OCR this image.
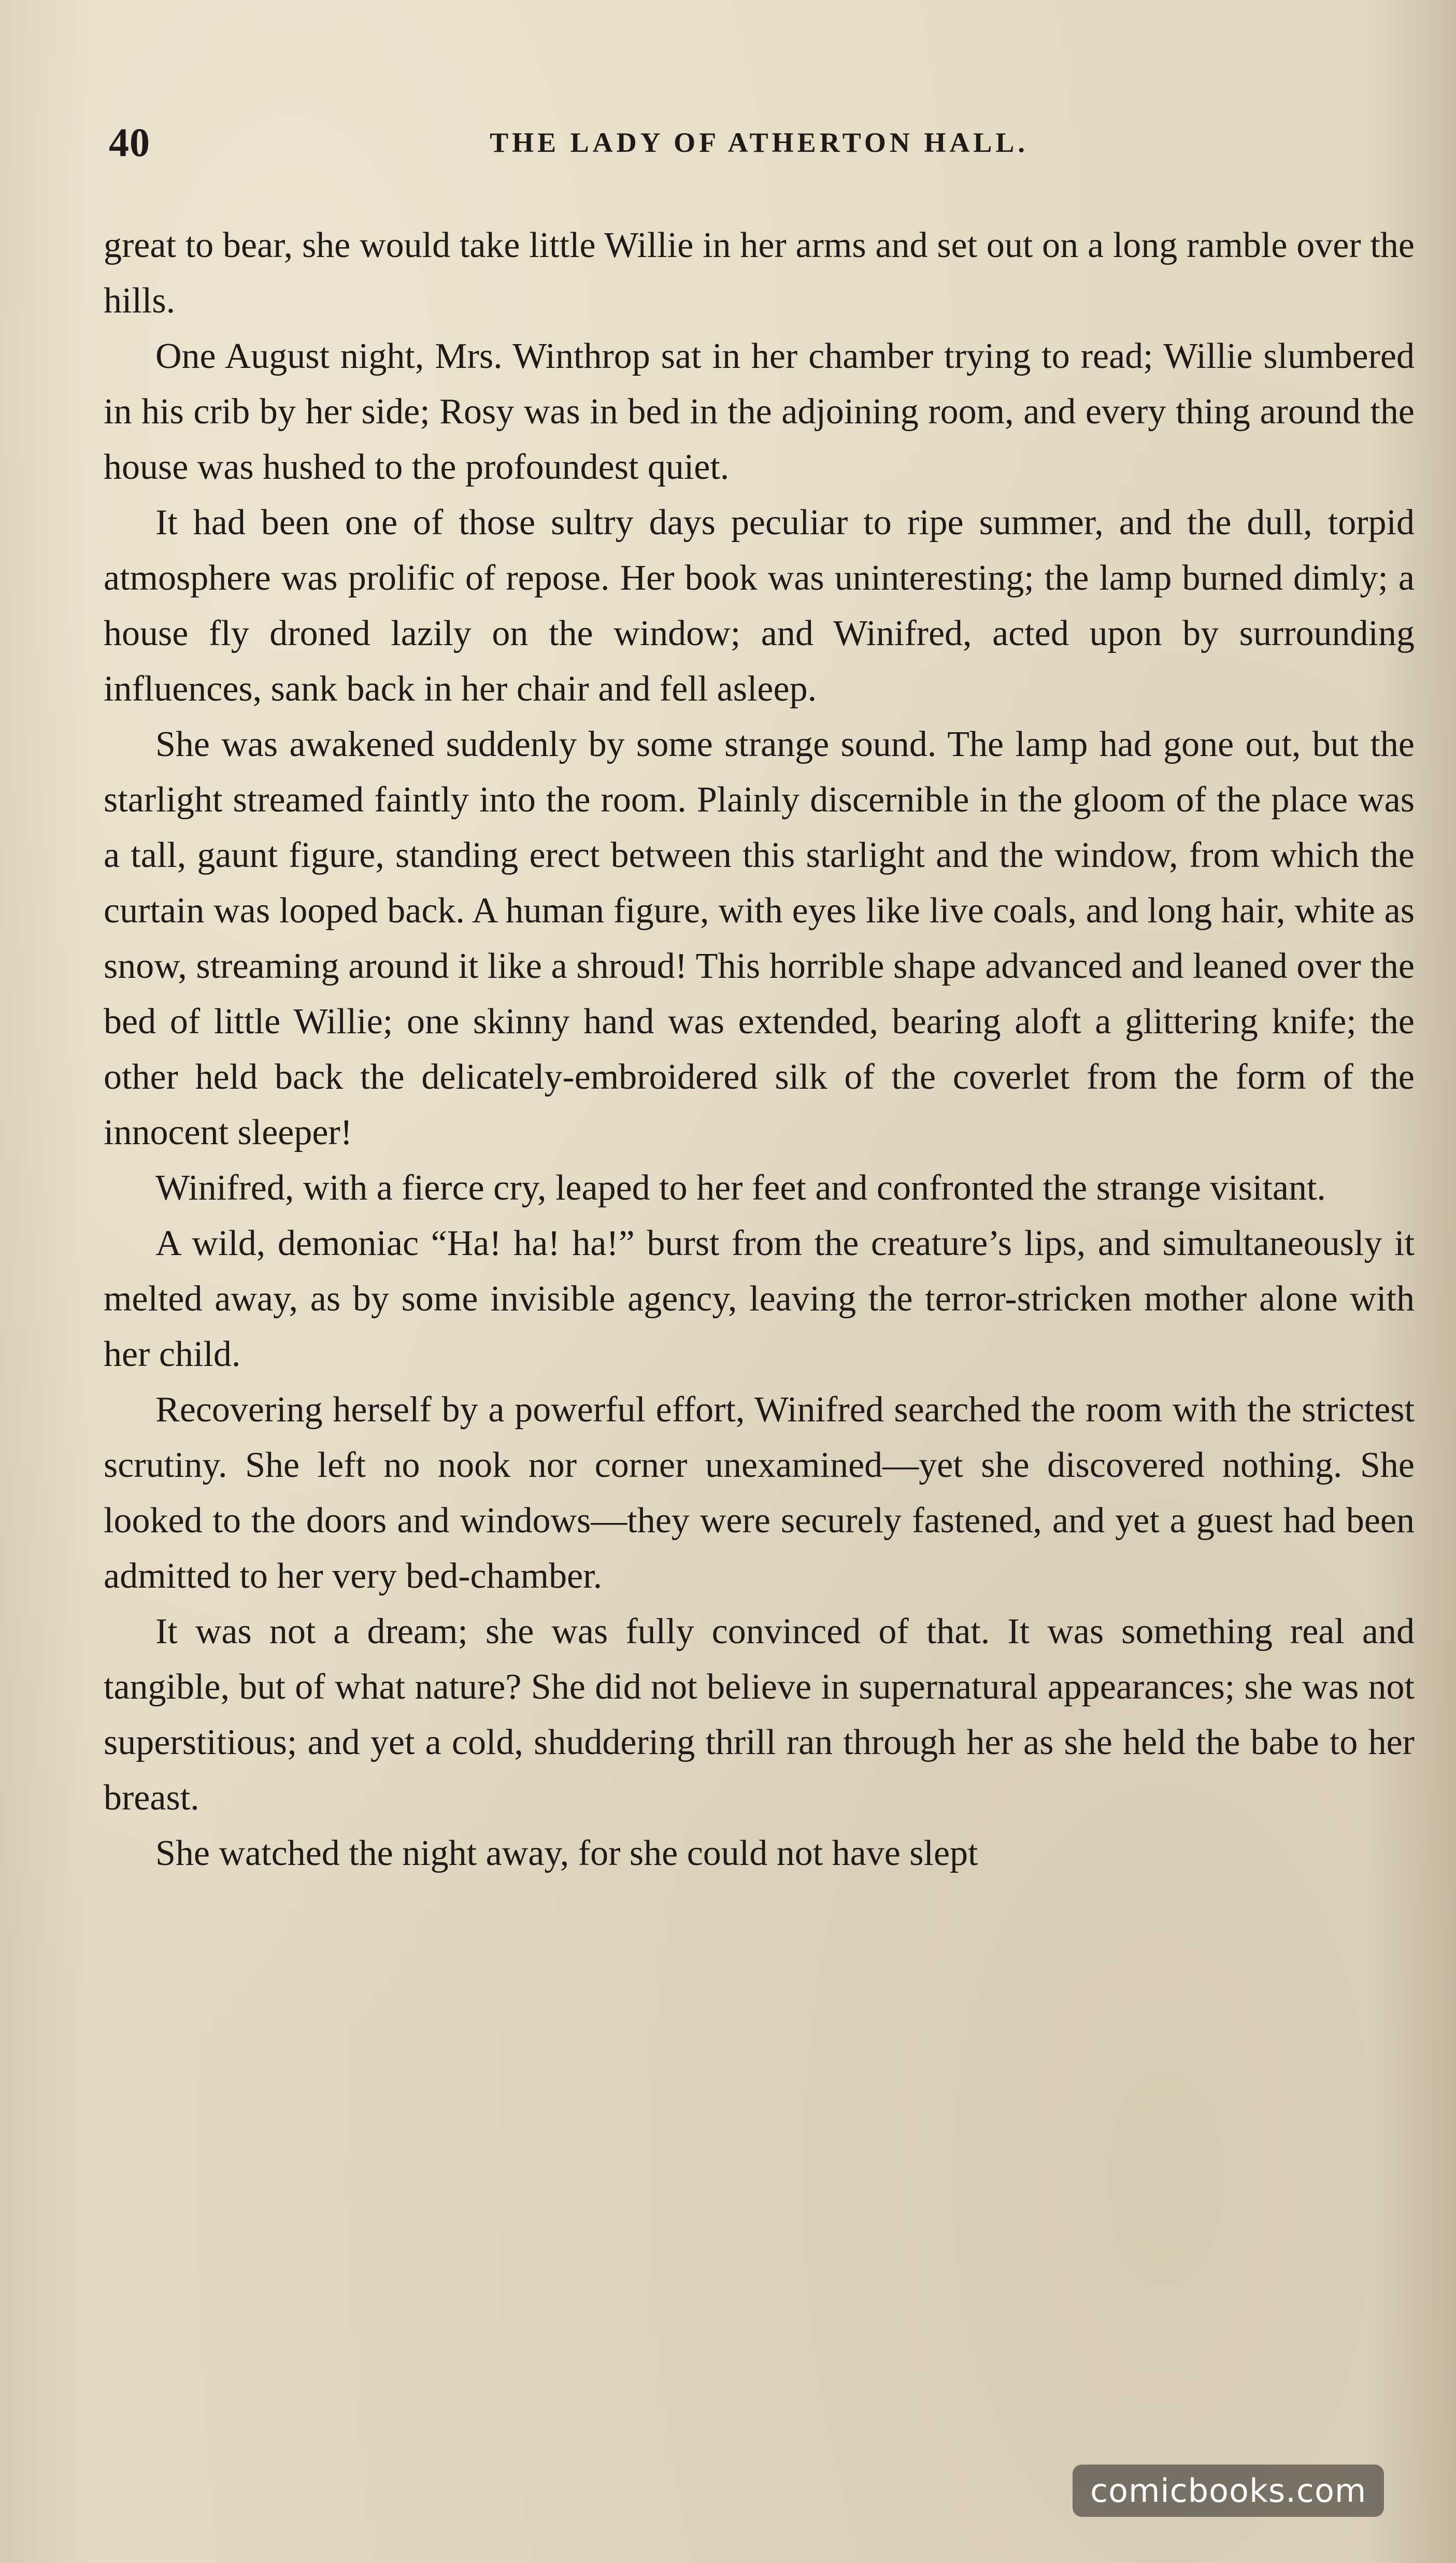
40	THE LADY OF ATHERTON HALL.

great to bear, she would take little Willie in her arms and set out on a long ramble over the hills.

One August night, Mrs. Winthrop sat in her chamber trying to read; Willie slumbered in his crib by her side; Rosy was in bed in the adjoining room, and every thing around the house was hushed to the profoundest quiet.

It had been one of those sultry days peculiar to ripe summer, and the dull, torpid atmosphere was prolific of repose. Her book was uninteresting; the lamp burned dimly; a house fly droned lazily on the window; and Winifred, acted upon by surrounding influences, sank back in her chair and fell asleep.

She was awakened suddenly by some strange sound. The lamp had gone out, but the starlight streamed faintly into the room. Plainly discernible in the gloom of the place was a tall, gaunt figure, standing erect between this starlight and the window, from which the curtain was looped back. A human figure, with eyes like live coals, and long hair, white as snow, streaming around it like a shroud! This horrible shape advanced and leaned over the bed of little Willie; one skinny hand was extended, bearing aloft a glittering knife; the other held back the delicately-embroidered silk of the coverlet from the form of the innocent sleeper!

Winifred, with a fierce cry, leaped to her feet and confronted the strange visitant.

A wild, demoniac “Ha! ha! ha!” burst from the creature’s lips, and simultaneously it melted away, as by some invisible agency, leaving the terror-stricken mother alone with her child.

Recovering herself by a powerful effort, Winifred searched the room with the strictest scrutiny. She left no nook nor corner unexamined—yet she discovered nothing. She looked to the doors and windows—they were securely fastened, and yet a guest had been admitted to her very bed-chamber.

It was not a dream; she was fully convinced of that. It was something real and tangible, but of what nature? She did not believe in supernatural appearances; she was not superstitious; and yet a cold, shuddering thrill ran through her as she held the babe to her breast.

She watched the night away, for she could not have slept

comicbooks.com
